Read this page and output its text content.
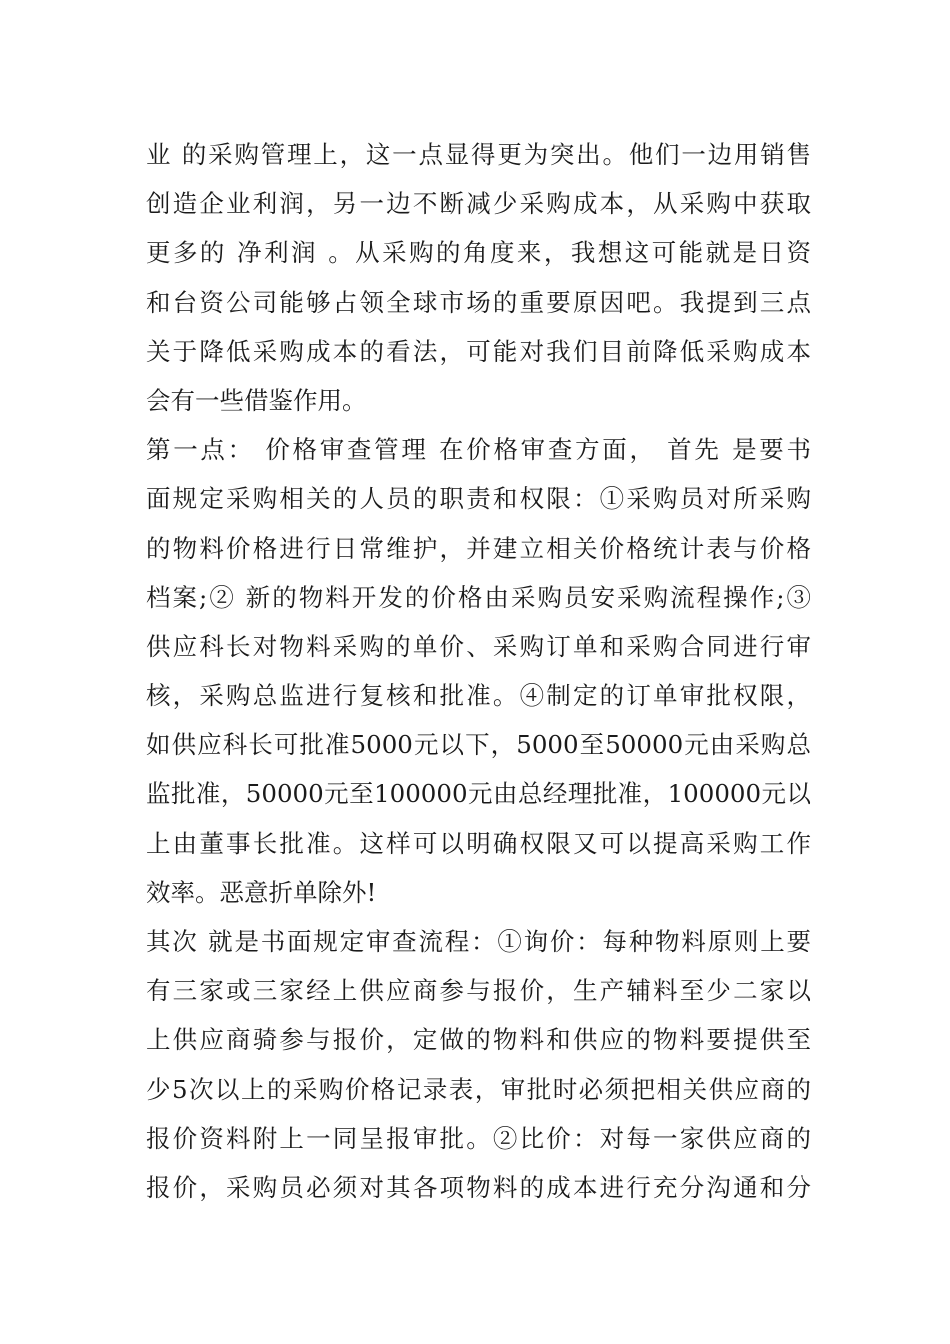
业 的采购管理上，这一点显得更为突出。他们一边用销售
创造企业利润，另一边不断减少采购成本，从采购中获取
更多的 净利润 。从采购的角度来，我想这可能就是日资
和台资公司能够占领全球市场的重要原因吧。我提到三点
关于降低采购成本的看法，可能对我们目前降低采购成本
会有一些借鉴作用。
第一点： 价格审查管理 在价格审查方面， 首先 是要书
面规定采购相关的人员的职责和权限：①采购员对所采购
的物料价格进行日常维护，并建立相关价格统计表与价格
档案;② 新的物料开发的价格由采购员安采购流程操作;③
供应科长对物料采购的单价、采购订单和采购合同进行审
核，采购总监进行复核和批准。④制定的订单审批权限，
如供应科长可批准5000元以下，5000至50000元由采购总
监批准，50000元至100000元由总经理批准，100000元以
上由董事长批准。这样可以明确权限又可以提高采购工作
效率。恶意折单除外!
其次 就是书面规定审查流程：①询价：每种物料原则上要
有三家或三家经上供应商参与报价，生产辅料至少二家以
上供应商骑参与报价，定做的物料和供应的物料要提供至
少5次以上的采购价格记录表，审批时必须把相关供应商的
报价资料附上一同呈报审批。②比价：对每一家供应商的
报价，采购员必须对其各项物料的成本进行充分沟通和分
